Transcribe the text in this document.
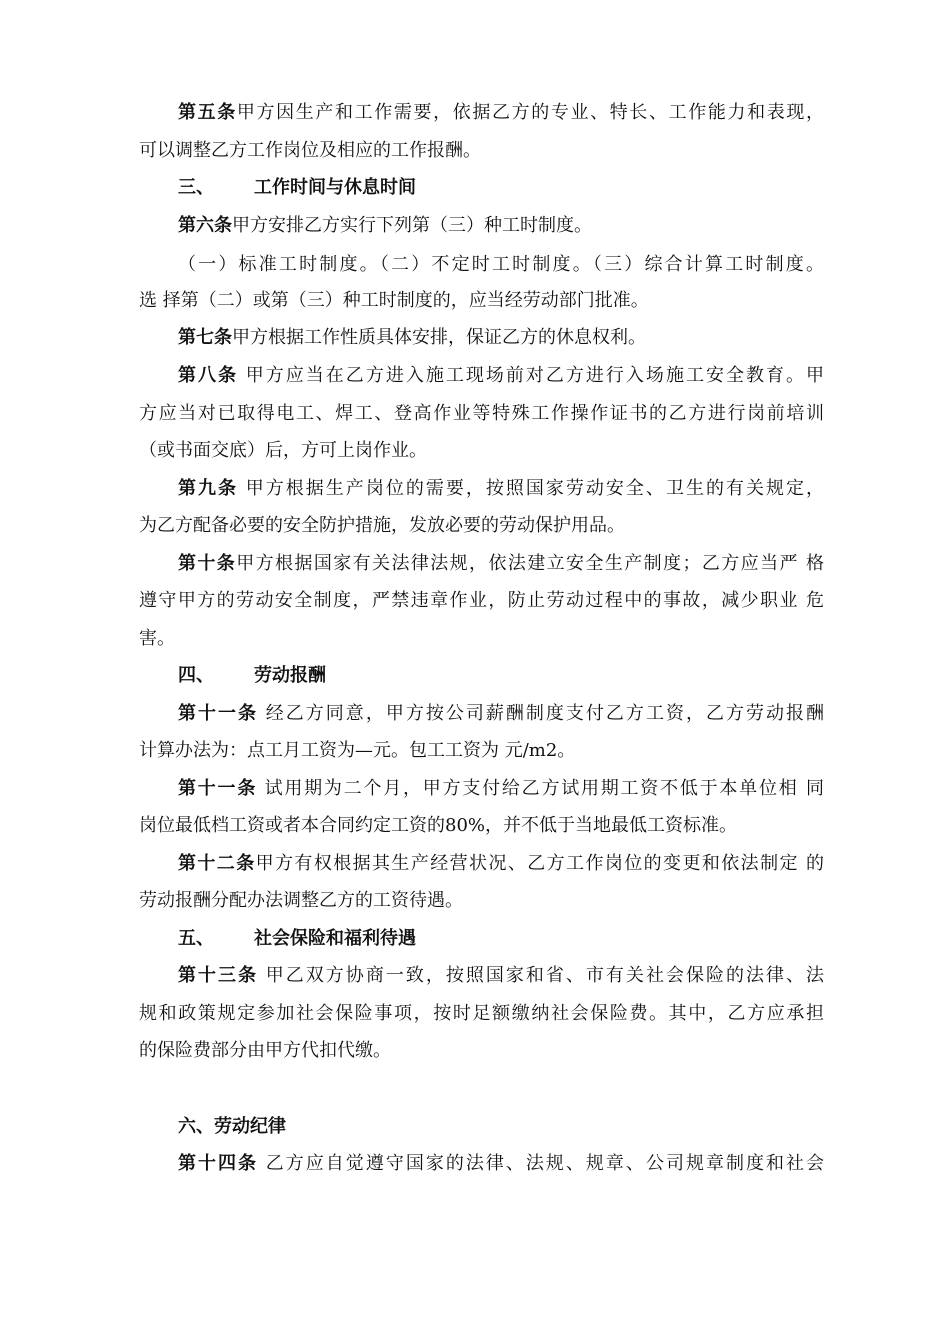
第五条甲方因生产和工作需要，依据乙方的专业、特长、工作能力和表现，
可以调整乙方工作岗位及相应的工作报酬。
三、 工作时间与休息时间
第六条甲方安排乙方实行下列第（三）种工时制度。
（一）标准工时制度。（二）不定时工时制度。（三）综合计算工时制度。
选 择第（二）或第（三）种工时制度的，应当经劳动部门批准。
第七条甲方根据工作性质具体安排，保证乙方的休息权利。
第八条 甲方应当在乙方进入施工现场前对乙方进行入场施工安全教育。甲
方应当对已取得电工、焊工、登高作业等特殊工作操作证书的乙方进行岗前培训
（或书面交底）后，方可上岗作业。
第九条 甲方根据生产岗位的需要，按照国家劳动安全、卫生的有关规定，
为乙方配备必要的安全防护措施，发放必要的劳动保护用品。
第十条甲方根据国家有关法律法规，依法建立安全生产制度；乙方应当严 格
遵守甲方的劳动安全制度，严禁违章作业，防止劳动过程中的事故，减少职业 危
害。
四、 劳动报酬
第十一条 经乙方同意，甲方按公司薪酬制度支付乙方工资，乙方劳动报酬
计算办法为：点工月工资为—元。包工工资为 元/m2。
第十一条 试用期为二个月，甲方支付给乙方试用期工资不低于本单位相 同
岗位最低档工资或者本合同约定工资的80%，并不低于当地最低工资标准。
第十二条甲方有权根据其生产经营状况、乙方工作岗位的变更和依法制定 的
劳动报酬分配办法调整乙方的工资待遇。
五、 社会保险和福利待遇
第十三条 甲乙双方协商一致，按照国家和省、市有关社会保险的法律、法
规和政策规定参加社会保险事项，按时足额缴纳社会保险费。其中，乙方应承担
的保险费部分由甲方代扣代缴。
六、劳动纪律
第十四条 乙方应自觉遵守国家的法律、法规、规章、公司规章制度和社会
